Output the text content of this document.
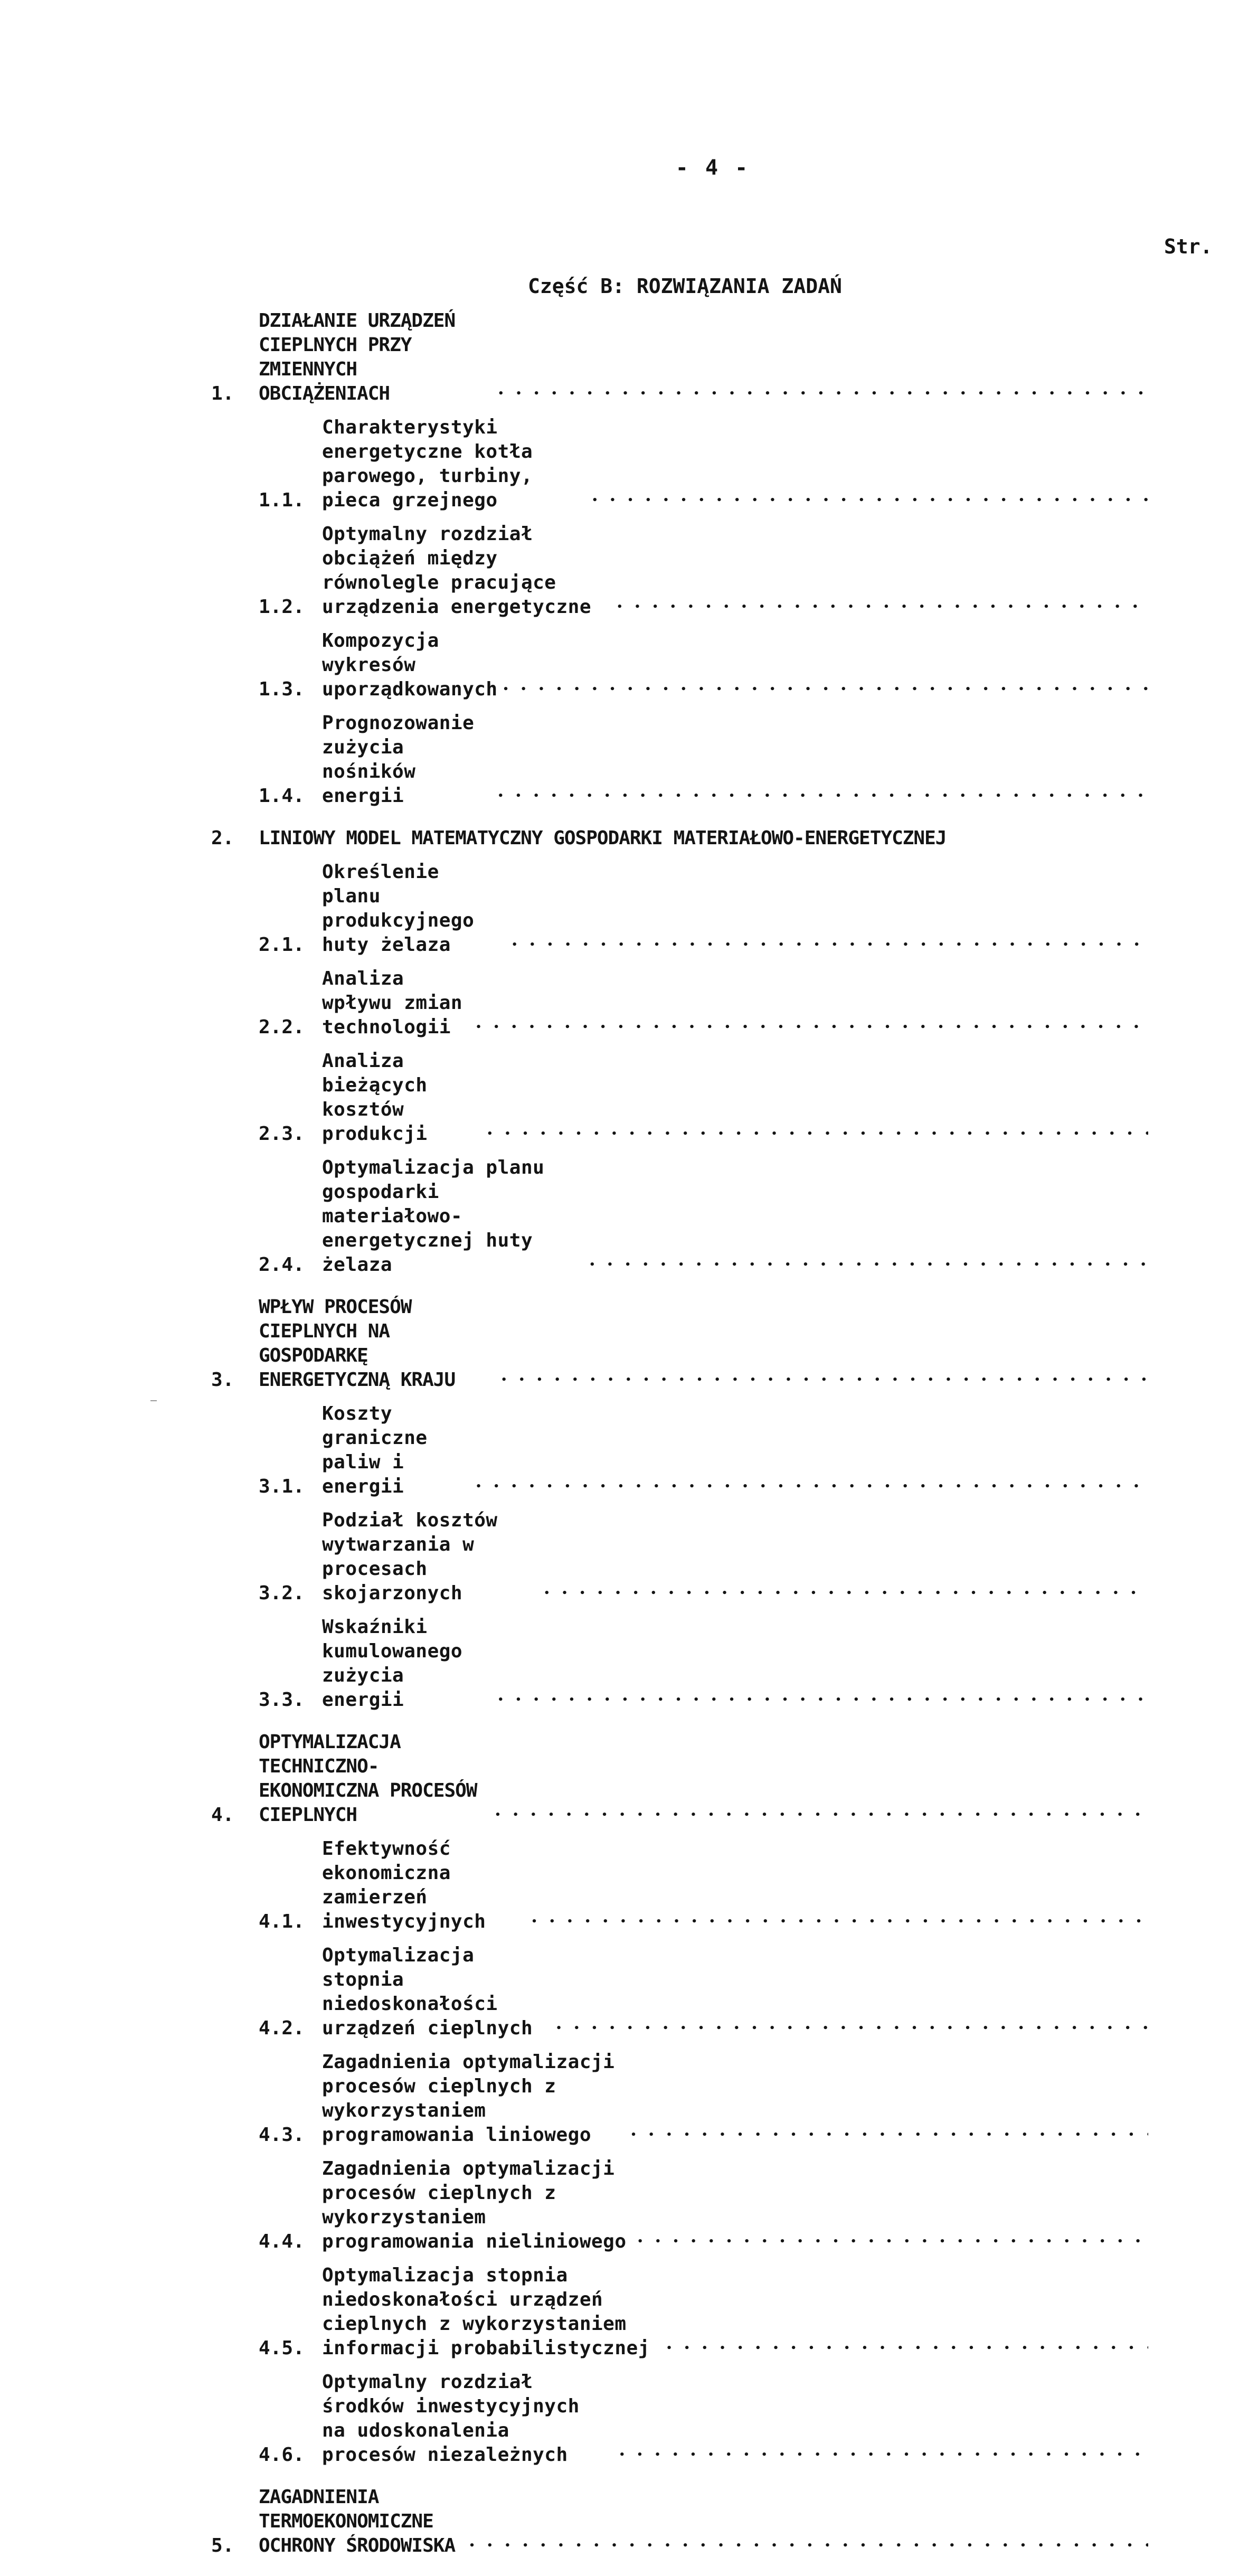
- 4 -
Str.
Część B: ROZWIĄZANIA ZADAŃ
1.
DZIAŁANIE URZĄDZEŃ CIEPLNYCH PRZY ZMIENNYCH OBCIĄŻENIACH
• • •
1.1.
Charakterystyki energetyczne kotła parowego, turbiny, pieca grzejnego
• • •
1.2.
Optymalny rozdział obciążeń między równolegle pracujące urządzenia energetyczne
• • •
1.3.
Kompozycja wykresów uporządkowanych
• • •
1.4.
Prognozowanie zużycia nośników energii
• • •
2.	LINIOWY MODEL MATEMATYCZNY GOSPODARKI MATERIAŁOWO-ENERGETYCZNEJ
2.1.
Określenie planu produkcyjnego huty żelaza
• • •
2.2.
Analiza wpływu zmian technologii
• • •
2.3.
Analiza bieżących kosztów produkcji
• • •
2.4.
Optymalizacja planu gospodarki materiałowo-energetycznej huty żelaza
• • •
3.
WPŁYW PROCESÓW CIEPLNYCH NA GOSPODARKĘ ENERGETYCZNĄ KRAJU
• • •
3.1.
Koszty graniczne paliw i energii
• • •
3.2.
Podział kosztów wytwarzania w procesach skojarzonych
• • •
3.3.
Wskaźniki kumulowanego zużycia energii
• • •
4.
OPTYMALIZACJA TECHNICZNO-EKONOMICZNA PROCESÓW CIEPLNYCH
• • •
4.1.
Efektywność ekonomiczna zamierzeń inwestycyjnych
• • •
4.2.
Optymalizacja stopnia niedoskonałości urządzeń cieplnych
• • •
4.3.
Zagadnienia optymalizacji procesów cieplnych z wykorzystaniem programowania liniowego
• • •
4.4.
Zagadnienia optymalizacji procesów cieplnych z wykorzystaniem programowania nieliniowego
• • •
4.5.
Optymalizacja stopnia niedoskonałości urządzeń cieplnych z wykorzystaniem informacji probabilistycznej
• • •
4.6.
Optymalny rozdział środków inwestycyjnych na udoskonalenia procesów niezależnych
• • •
5.
ZAGADNIENIA TERMOEKONOMICZNE OCHRONY ŚRODOWISKA
• • •
